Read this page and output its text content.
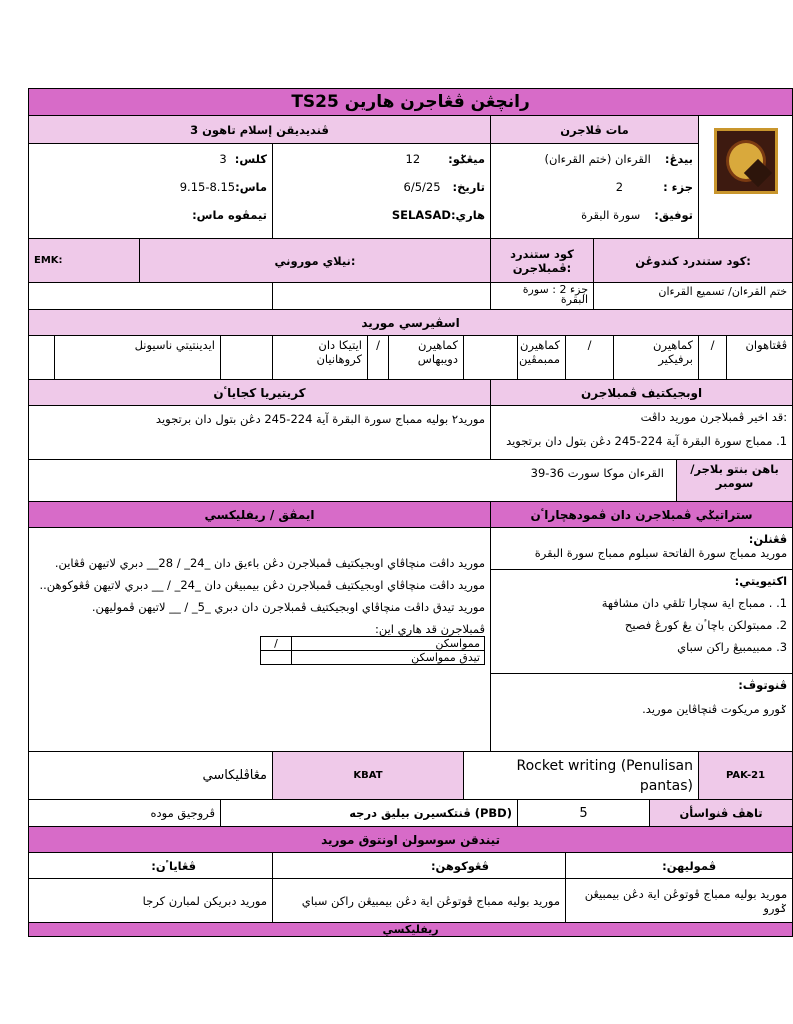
رانچڠن ڤڠاجرن هارين TS25
ڤنديديقن إسلام تاهون 3	مات ڤلاجرن	

كلس:
3
ماس:
9.15-8.15
تيمڤوه ماس:

ميڠݢو:
12
تاريخ:
6/5/25
هاري:
SELASAD

بيدڠ:
القرءان (ختم القرءان)
جزء :
2
توفيق:
سورة البقرة

EMK:	نيلاي موروني:	كود ستندرد ڤمبلاجرن:	كود ستندرد كندوڠن:
		جزء 2 : سورة البقرة	ختم القرءان/ تسميع القرءان
اسڤيرسي موريد
	ايدينتيتي ناسيونل		ايتيكا دان كروهانيان	/	كماهيرن دويبهاس		كماهيرن ممبمڤين	/	كماهيرن برفيكير	/	ڤڠتاهوان
كريتيريا كجاياٴن	اوبجيكتيف ڤمبلاجرن
موريد٢ بوليه ممباج سورة البقرة آية 224-245 دڠن بتول دان برتجويد	:قد اخير ڤمبلاجرن موريد داڤت
1. ممباج سورة البقرة آية 224-245 دڠن بتول دان برتجويد

القرءان موكا سورت 36-39	باهن بنتو بلاجر/ سومبر
ايمڤق / ريفليكسي	ستراتيݢي ڤمبلاجرن دان ڤمودهچاراٴن

موريد داڤت منچاڤاي اوبجيكتيف ڤمبلاجرن دڠن باءيق دان _24_ / 28__ دبري لاتيهن ڤڠاين.

موريد داڤت منچاڤاي اوبجيكتيف ڤمبلاجرن دڠن بيمبيڠن دان _24_ / __ دبري لاتيهن ڤڠوكوهن..

موريد تيدق داڤت منچاڤاي اوبجيكتيف ڤمبلاجرن دان دبري _5_ / __ لاتيهن ڤموليهن.

ڤمبلاجرن قد هاري اين:
ممواسكن	/
تيدق ممواسكن	

ڤڠنلن:
موريد ممباج سورة الفاتحة سبلوم ممباج سورة البقرة
اكتيويتي:

1. . ممباج اية سچارا تلقي دان مشافهة

2. ممبتولكن باچاٴن يڠ كورڠ فصيح

3. ممبيمبيڠ راكن سباي

ڤنوتوڤ:
ݢورو مريكوت ڤنچاڤاين موريد.

مڠاڤليكاسي	KBAT	Rocket writing (Penulisan pantas)	PAK-21
ڤروجيق موده	(PBD) ڤنتكسيرن بيليق درجه	5	تاهڤ ڤنواسأن
تيندقن سوسولن اونتوق موريد
ڤڠاياٴن:	ڤڠوكوهن:	ڤموليهن:
موريد دبريكن لمبارن كرجا	موريد بوليه ممباج ڤوتوڠن اية دڠن بيمبيڠن راكن سباي	موريد بوليه ممباج ڤوتوڠن اية دڠن بيمبيڠن ݢورو
ريفليكسي
